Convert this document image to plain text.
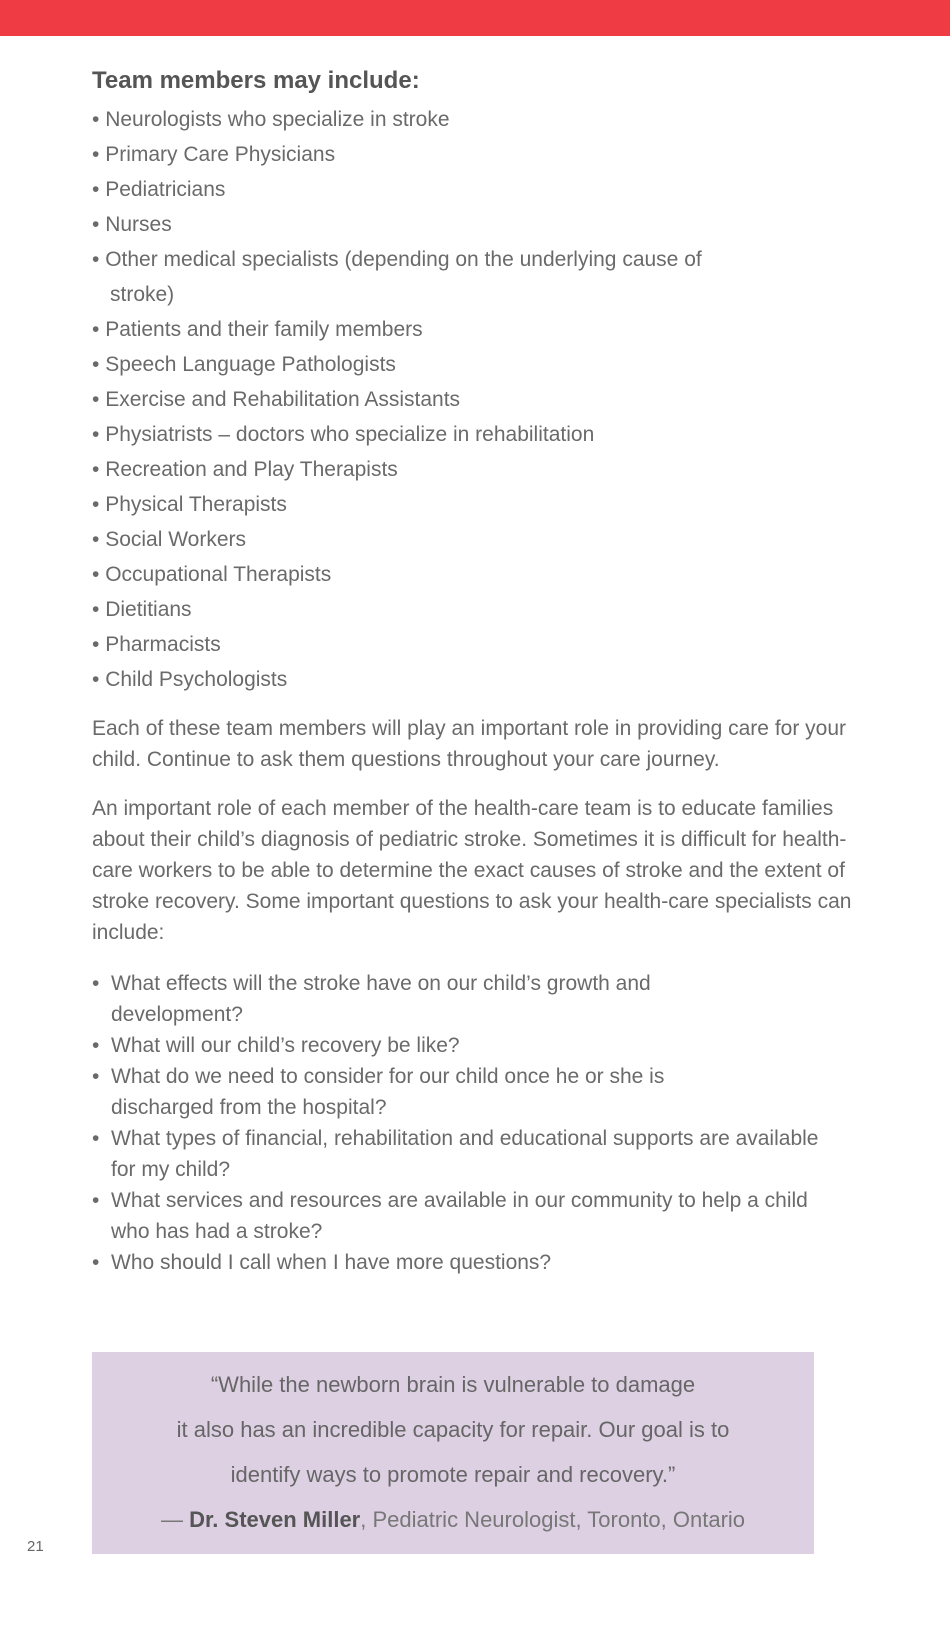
Team members may include:
• Neurologists who specialize in stroke
• Primary Care Physicians
• Pediatricians
• Nurses
• Other medical specialists (depending on the underlying cause of stroke)
• Patients and their family members
• Speech Language Pathologists
• Exercise and Rehabilitation Assistants
• Physiatrists – doctors who specialize in rehabilitation
• Recreation and Play Therapists
• Physical Therapists
• Social Workers
• Occupational Therapists
• Dietitians
• Pharmacists
• Child Psychologists

Each of these team members will play an important role in providing care for your child. Continue to ask them questions throughout your care journey.

An important role of each member of the health-care team is to educate families about their child’s diagnosis of pediatric stroke. Sometimes it is difficult for health-care workers to be able to determine the exact causes of stroke and the extent of stroke recovery. Some important questions to ask your health-care specialists can include:

•  What effects will the stroke have on our child’s growth and development?
•  What will our child’s recovery be like?
•  What do we need to consider for our child once he or she is discharged from the hospital?
•  What types of financial, rehabilitation and educational supports are available for my child?
•  What services and resources are available in our community to help a child who has had a stroke?
•  Who should I call when I have more questions?

“While the newborn brain is vulnerable to damage
it also has an incredible capacity for repair. Our goal is to
identify ways to promote repair and recovery.”

— Dr. Steven Miller, Pediatric Neurologist, Toronto, Ontario

21
